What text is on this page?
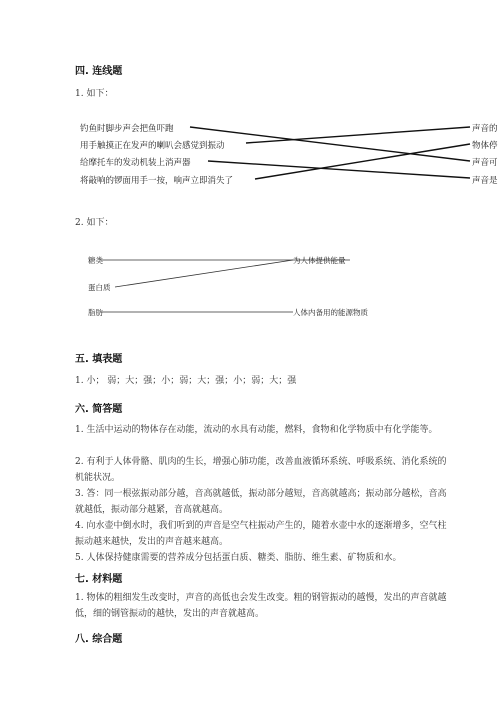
四. 连线题
1. 如下：
钓鱼时脚步声会把鱼吓跑
用手触摸正在发声的喇叭会感觉到振动
给摩托车的发动机装上消声器
将敲响的锣面用手一按，响声立即消失了
声音的
物体停
声音可
声音是
2. 如下：
糖类
蛋白质
脂肪
为人体提供能量
人体内备用的能源物质
五. 填表题
1. 小； 弱；大；强；小；弱；大；强；小；弱；大；强
六. 简答题
1. 生活中运动的物体存在动能，流动的水具有动能，燃料，食物和化学物质中有化学能等。
2. 有利于人体骨骼、肌肉的生长，增强心肺功能，改善血液循环系统、呼吸系统、消化系统的机能状况。
3. 答：同一根弦振动部分越，音高就越低，振动部分越短，音高就越高；振动部分越松，音高就越低，振动部分越紧，音高就越高。
4. 向水壶中倒水时，我们听到的声音是空气柱振动产生的，随着水壶中水的逐渐增多，空气柱振动越来越快，发出的声音越来越高。
5. 人体保持健康需要的营养成分包括蛋白质、糖类、脂肪、维生素、矿物质和水。
七. 材料题
1. 物体的粗细发生改变时，声音的高低也会发生改变。粗的钢管振动的越慢，发出的声音就越低，细的钢管振动的越快，发出的声音就越高。
八. 综合题
